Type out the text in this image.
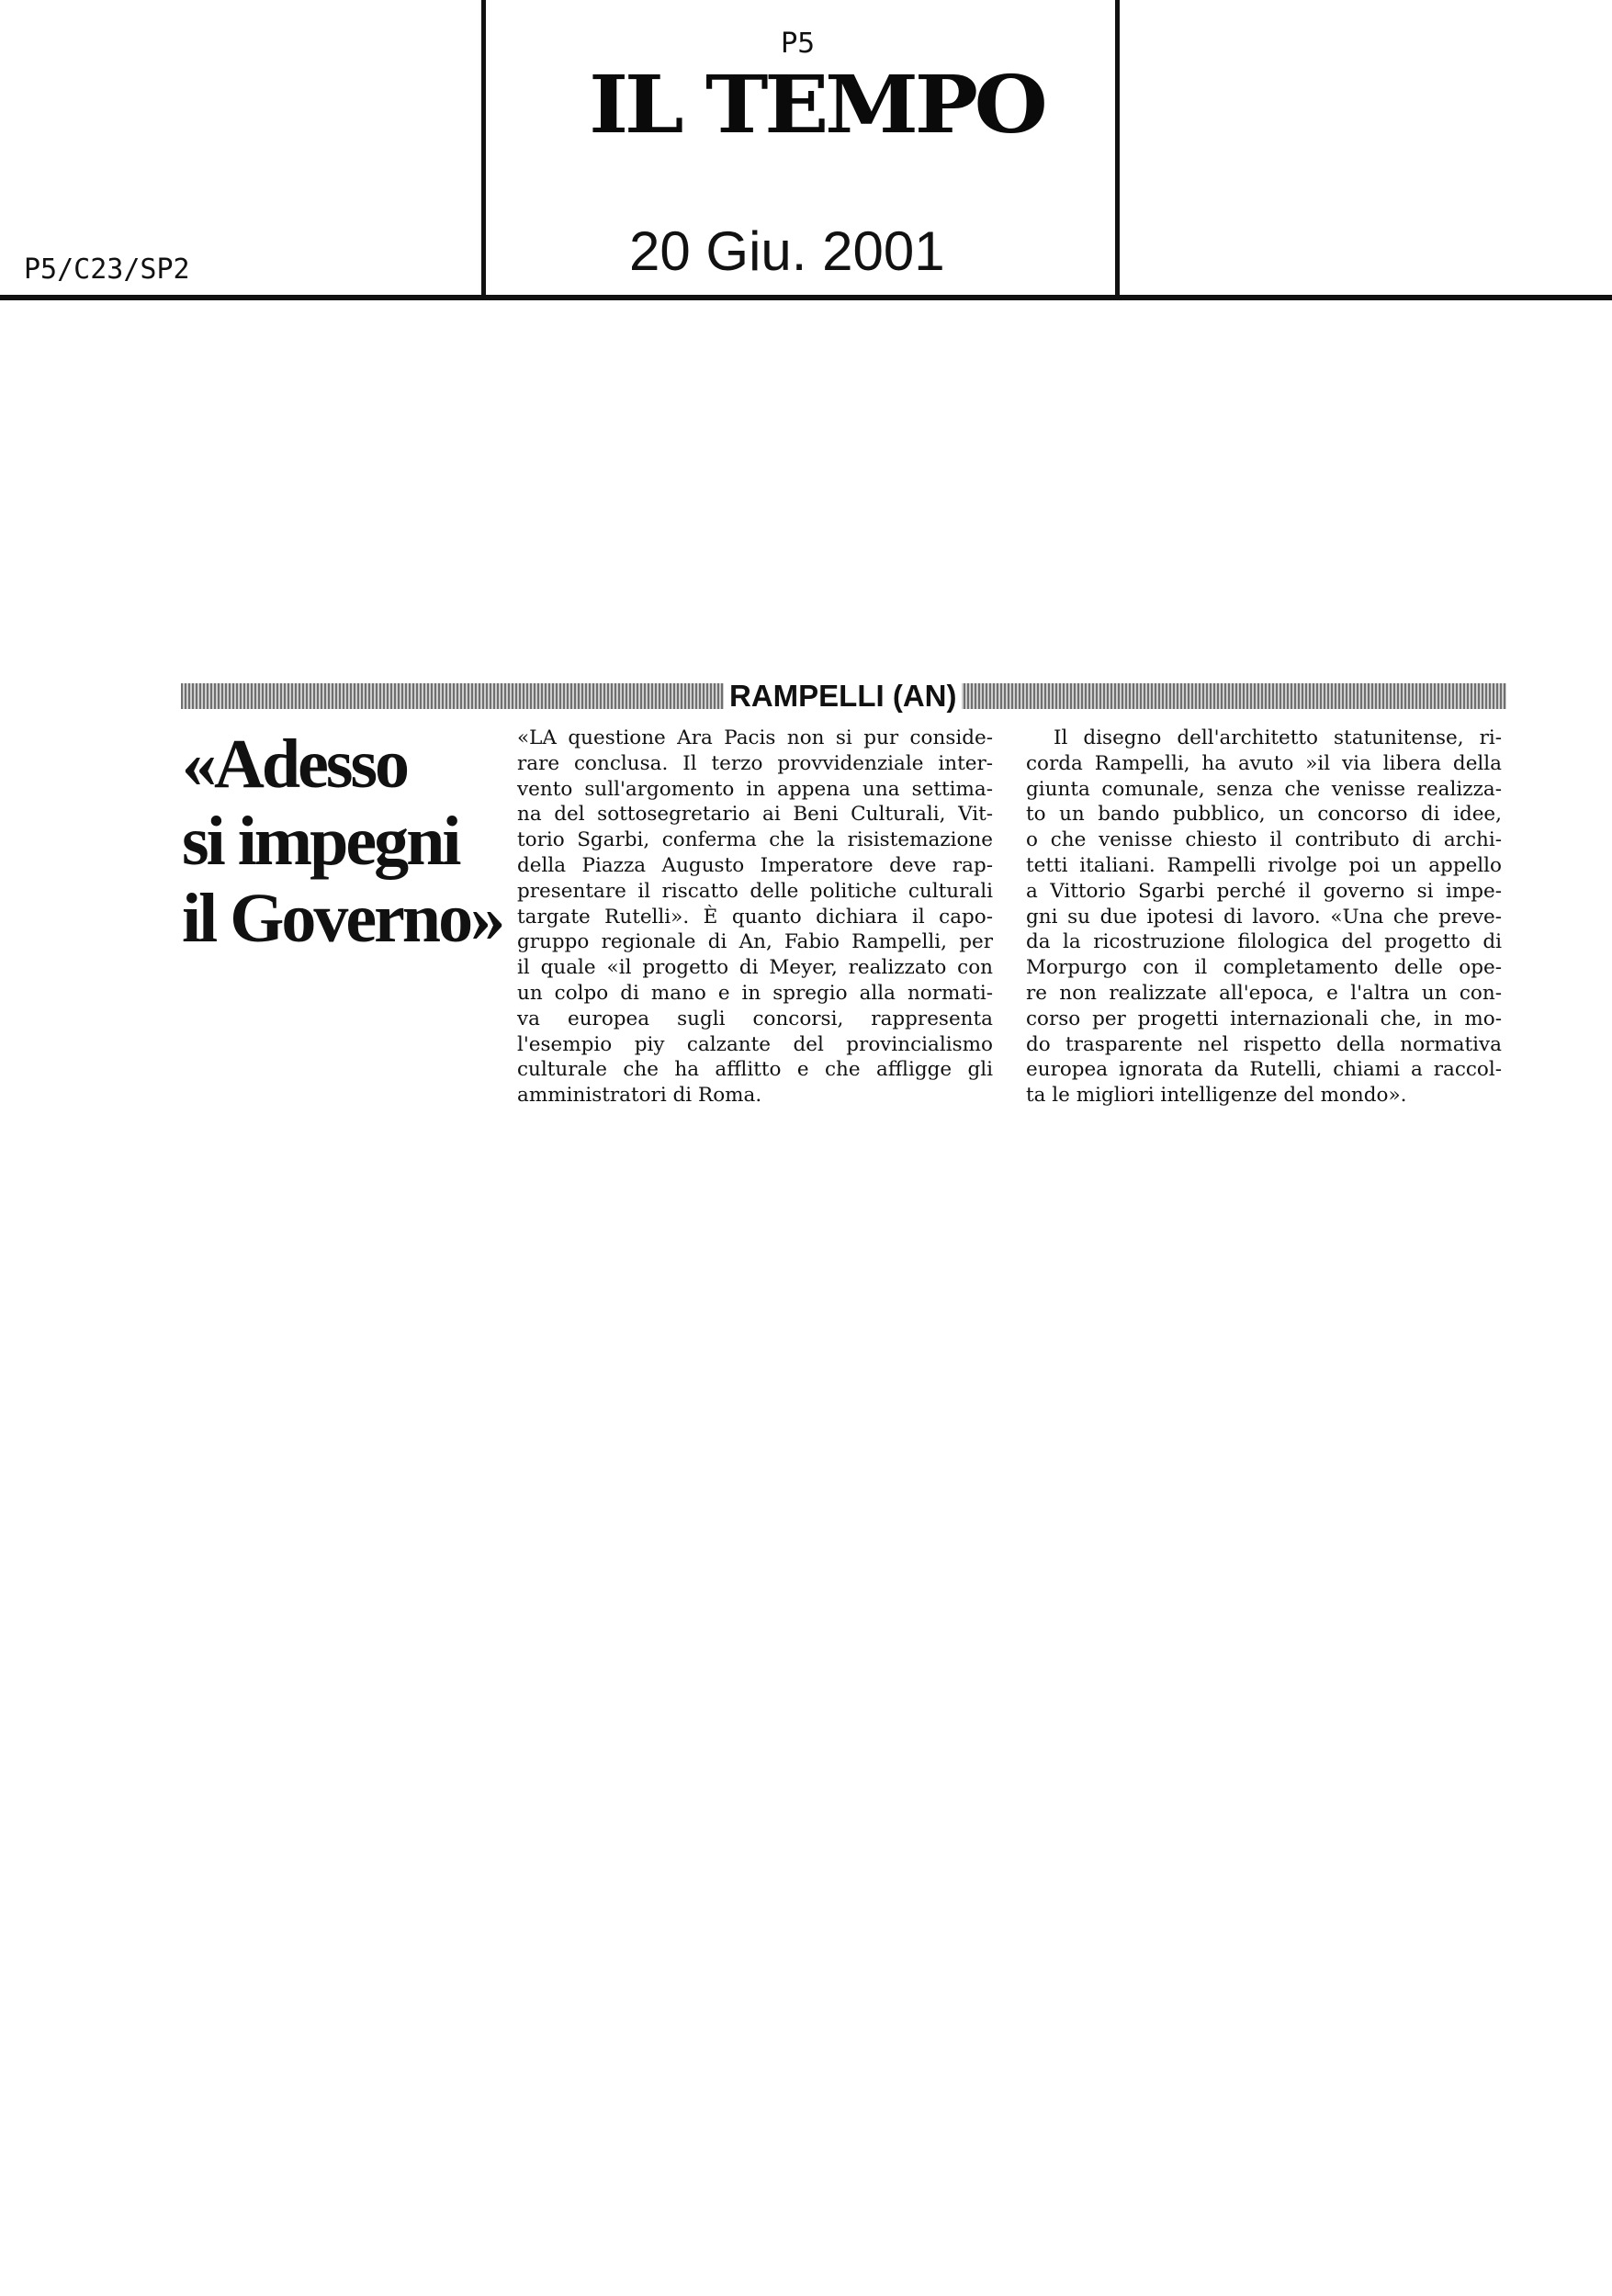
P5/C23/SP2
P5
IL TEMPO
20 Giu. 2001
RAMPELLI (AN)
«Adesso
si impegni
il Governo»
«LA questione Ara Pacis non si pur conside-
rare conclusa. Il terzo provvidenziale inter-
vento sull'argomento in appena una settima-
na del sottosegretario ai Beni Culturali, Vit-
torio Sgarbi, conferma che la risistemazione
della Piazza Augusto Imperatore deve rap-
presentare il riscatto delle politiche culturali
targate Rutelli». È quanto dichiara il capo-
gruppo regionale di An, Fabio Rampelli, per
il quale «il progetto di Meyer, realizzato con
un colpo di mano e in spregio alla normati-
va europea sugli concorsi, rappresenta
l'esempio piy calzante del provincialismo
culturale che ha afflitto e che affligge gli
amministratori di Roma.
Il disegno dell'architetto statunitense, ri-
corda Rampelli, ha avuto »il via libera della
giunta comunale, senza che venisse realizza-
to un bando pubblico, un concorso di idee,
o che venisse chiesto il contributo di archi-
tetti italiani. Rampelli rivolge poi un appello
a Vittorio Sgarbi perché il governo si impe-
gni su due ipotesi di lavoro. «Una che preve-
da la ricostruzione filologica del progetto di
Morpurgo con il completamento delle ope-
re non realizzate all'epoca, e l'altra un con-
corso per progetti internazionali che, in mo-
do trasparente nel rispetto della normativa
europea ignorata da Rutelli, chiami a raccol-
ta le migliori intelligenze del mondo».
